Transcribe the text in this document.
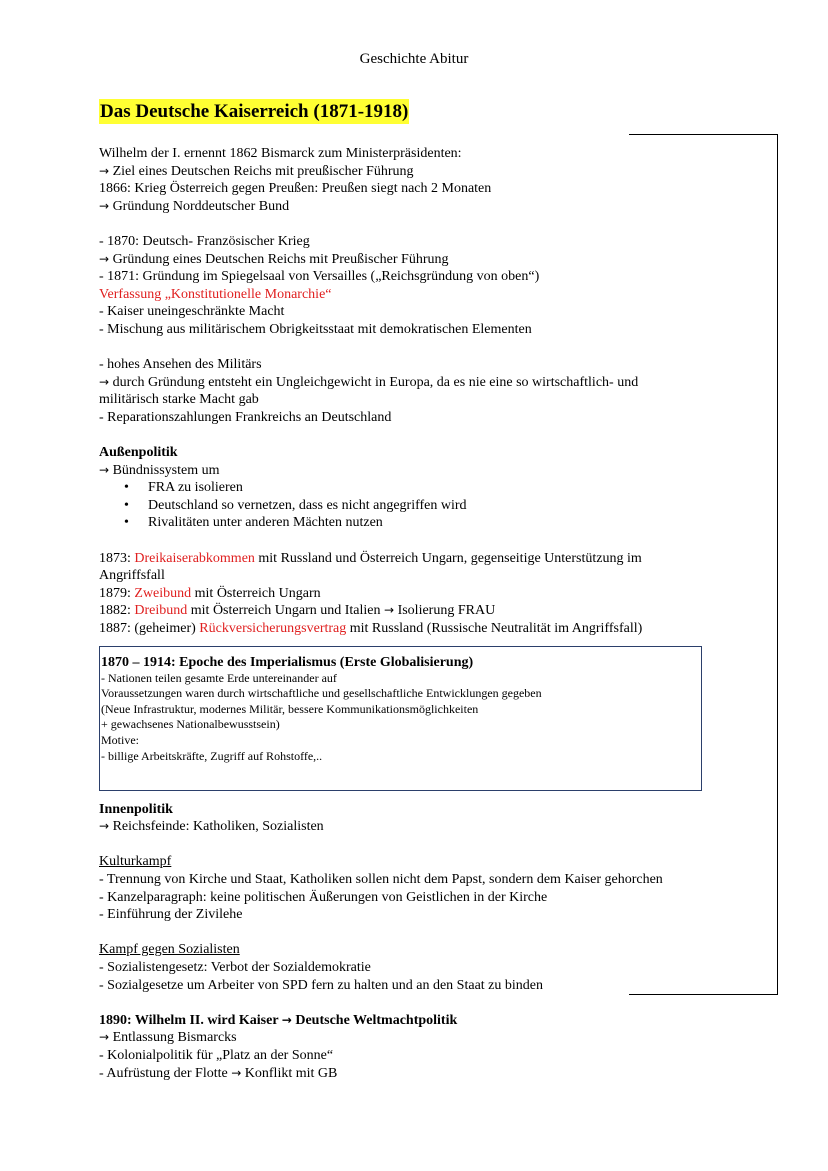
Geschichte Abitur
Das Deutsche Kaiserreich (1871-1918)
Wilhelm der I. ernennt 1862 Bismarck zum Ministerpräsidenten:
→ Ziel eines Deutschen Reichs mit preußischer Führung
1866: Krieg Österreich gegen Preußen: Preußen siegt nach 2 Monaten
→ Gründung Norddeutscher Bund
- 1870: Deutsch- Französischer Krieg
→ Gründung eines Deutschen Reichs mit Preußischer Führung
- 1871: Gründung im Spiegelsaal von Versailles („Reichsgründung von oben“)
Verfassung „Konstitutionelle Monarchie“
- Kaiser uneingeschränkte Macht
- Mischung aus militärischem Obrigkeitsstaat mit demokratischen Elementen
- hohes Ansehen des Militärs
→ durch Gründung entsteht ein Ungleichgewicht in Europa, da es nie eine so wirtschaftlich- und
militärisch starke Macht gab
- Reparationszahlungen Frankreichs an Deutschland
Außenpolitik
→ Bündnissystem um
• FRA zu isolieren
• Deutschland so vernetzen, dass es nicht angegriffen wird
• Rivalitäten unter anderen Mächten nutzen
1873: Dreikaiserabkommen mit Russland und Österreich Ungarn, gegenseitige Unterstützung im
Angriffsfall
1879: Zweibund mit Österreich Ungarn
1882: Dreibund mit Österreich Ungarn und Italien → Isolierung FRAU
1887: (geheimer) Rückversicherungsvertrag mit Russland (Russische Neutralität im Angriffsfall)
1870 – 1914: Epoche des Imperialismus (Erste Globalisierung)
- Nationen teilen gesamte Erde untereinander auf
Voraussetzungen waren durch wirtschaftliche und gesellschaftliche Entwicklungen gegeben
(Neue Infrastruktur, modernes Militär, bessere Kommunikationsmöglichkeiten
+ gewachsenes Nationalbewusstsein)
Motive:
- billige Arbeitskräfte, Zugriff auf Rohstoffe,..
Innenpolitik
→ Reichsfeinde: Katholiken, Sozialisten
Kulturkampf
- Trennung von Kirche und Staat, Katholiken sollen nicht dem Papst, sondern dem Kaiser gehorchen
- Kanzelparagraph: keine politischen Äußerungen von Geistlichen in der Kirche
- Einführung der Zivilehe
Kampf gegen Sozialisten
- Sozialistengesetz: Verbot der Sozialdemokratie
- Sozialgesetze um Arbeiter von SPD fern zu halten und an den Staat zu binden
1890: Wilhelm II. wird Kaiser → Deutsche Weltmachtpolitik
→ Entlassung Bismarcks
- Kolonialpolitik für „Platz an der Sonne“
- Aufrüstung der Flotte → Konflikt mit GB
